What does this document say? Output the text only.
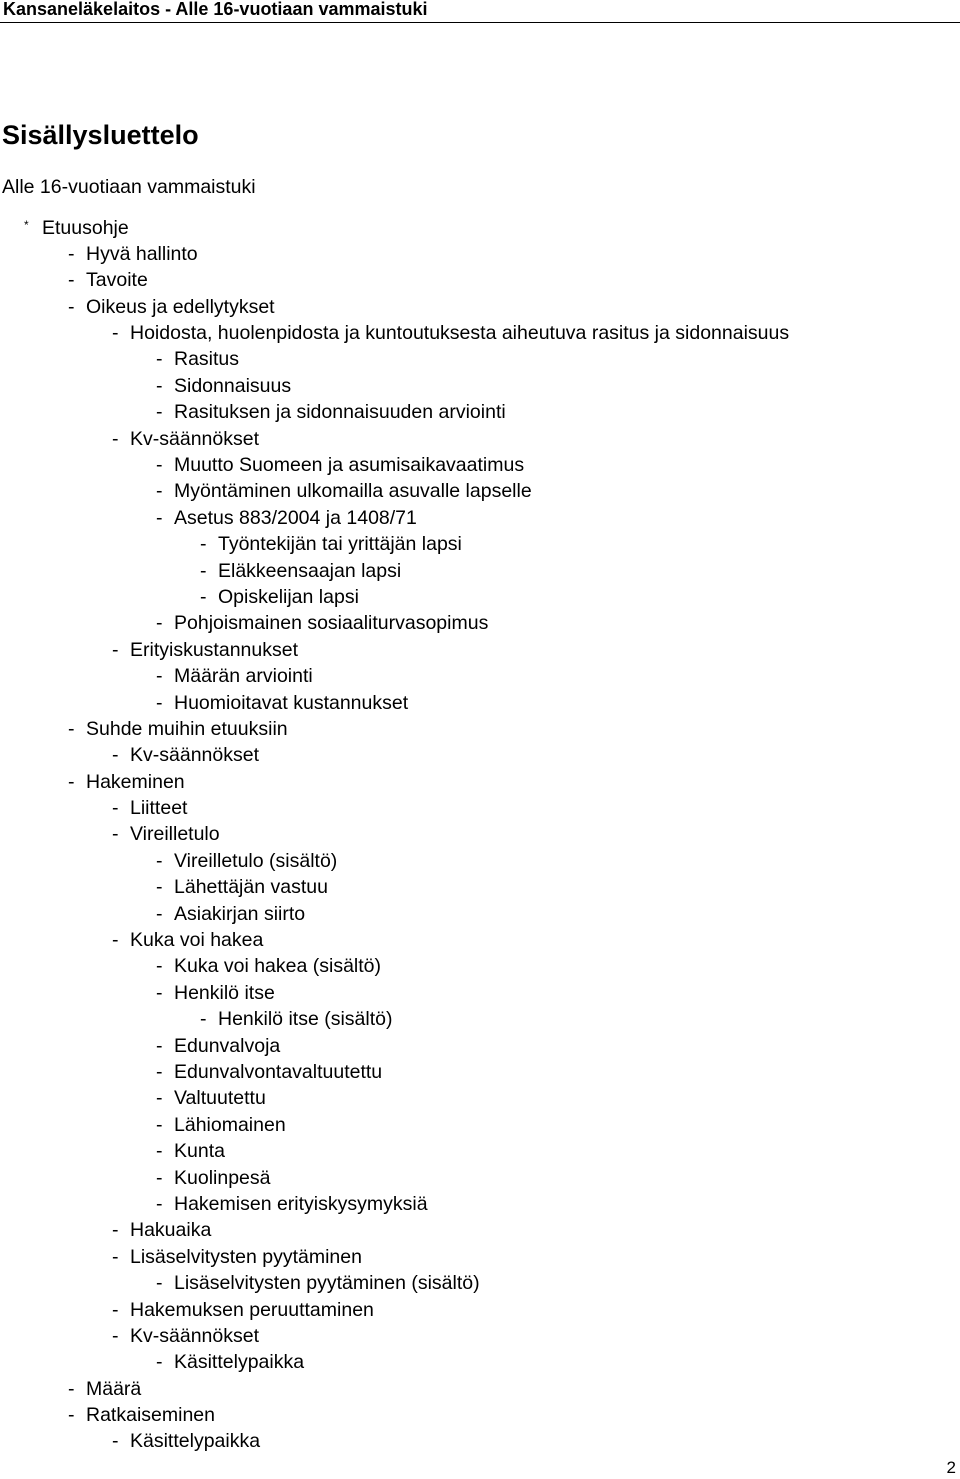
Kansaneläkelaitos - Alle 16-vuotiaan vammaistuki
Sisällysluettelo
Alle 16-vuotiaan vammaistuki
* Etuusohje
- Hyvä hallinto
- Tavoite
- Oikeus ja edellytykset
- Hoidosta, huolenpidosta ja kuntoutuksesta aiheutuva rasitus ja sidonnaisuus
- Rasitus
- Sidonnaisuus
- Rasituksen ja sidonnaisuuden arviointi
- Kv-säännökset
- Muutto Suomeen ja asumisaikavaatimus
- Myöntäminen ulkomailla asuvalle lapselle
- Asetus 883/2004 ja 1408/71
- Työntekijän tai yrittäjän lapsi
- Eläkkeensaajan lapsi
- Opiskelijan lapsi
- Pohjoismainen sosiaaliturvasopimus
- Erityiskustannukset
- Määrän arviointi
- Huomioitavat kustannukset
- Suhde muihin etuuksiin
- Kv-säännökset
- Hakeminen
- Liitteet
- Vireilletulo
- Vireilletulo (sisältö)
- Lähettäjän vastuu
- Asiakirjan siirto
- Kuka voi hakea
- Kuka voi hakea (sisältö)
- Henkilö itse
- Henkilö itse (sisältö)
- Edunvalvoja
- Edunvalvontavaltuutettu
- Valtuutettu
- Lähiomainen
- Kunta
- Kuolinpesä
- Hakemisen erityiskysymyksiä
- Hakuaika
- Lisäselvitysten pyytäminen
- Lisäselvitysten pyytäminen (sisältö)
- Hakemuksen peruuttaminen
- Kv-säännökset
- Käsittelypaikka
- Määrä
- Ratkaiseminen
- Käsittelypaikka
2
